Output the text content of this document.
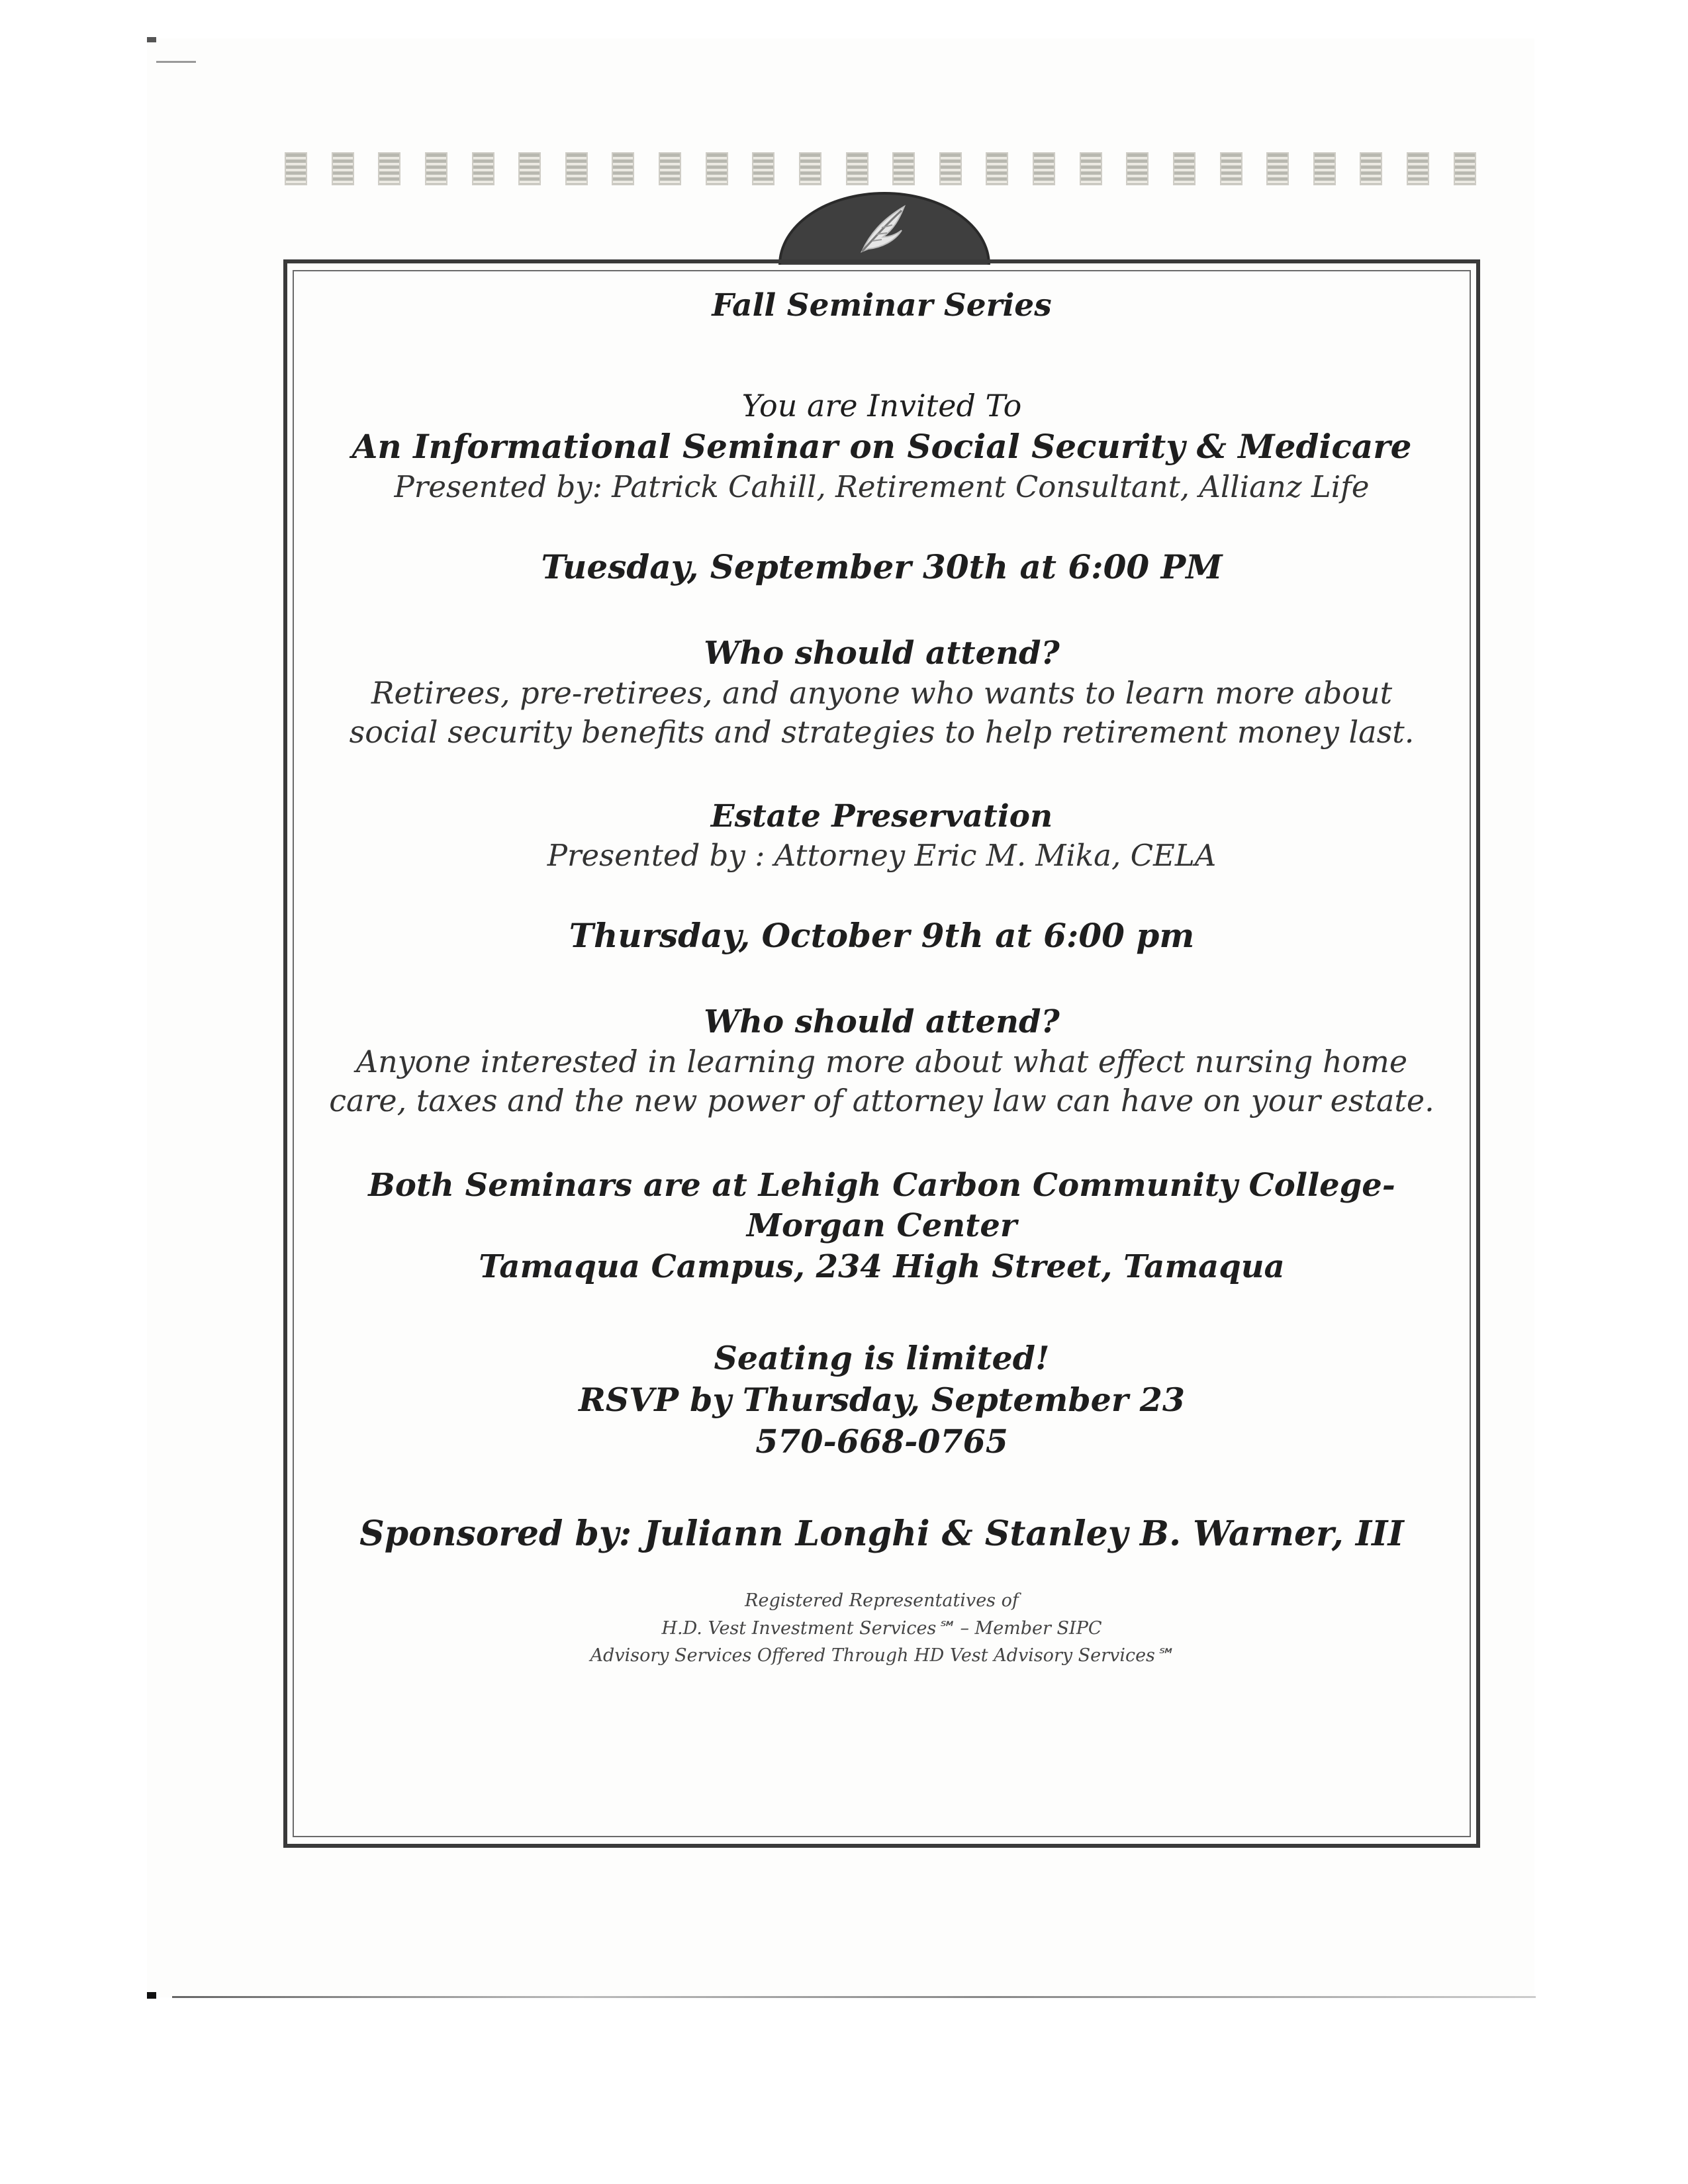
Fall Seminar Series
You are Invited To
An Informational Seminar on Social Security & Medicare
Presented by: Patrick Cahill, Retirement Consultant, Allianz Life
Tuesday, September 30th at 6:00 PM
Who should attend?
Retirees, pre-retirees, and anyone who wants to learn more about social security benefits and strategies to help retirement money last.
Estate Preservation
Presented by : Attorney Eric M. Mika, CELA
Thursday, October 9th at 6:00 pm
Who should attend?
Anyone interested in learning more about what effect nursing home care, taxes and the new power of attorney law can have on your estate.
Both Seminars are at Lehigh Carbon Community College-Morgan Center
Tamaqua Campus, 234 High Street, Tamaqua
Seating is limited!
RSVP by Thursday, September 23
570-668-0765
Sponsored by: Juliann Longhi & Stanley B. Warner, III
Registered Representatives of
H.D. Vest Investment Services℠ – Member SIPC
Advisory Services Offered Through HD Vest Advisory Services℠
